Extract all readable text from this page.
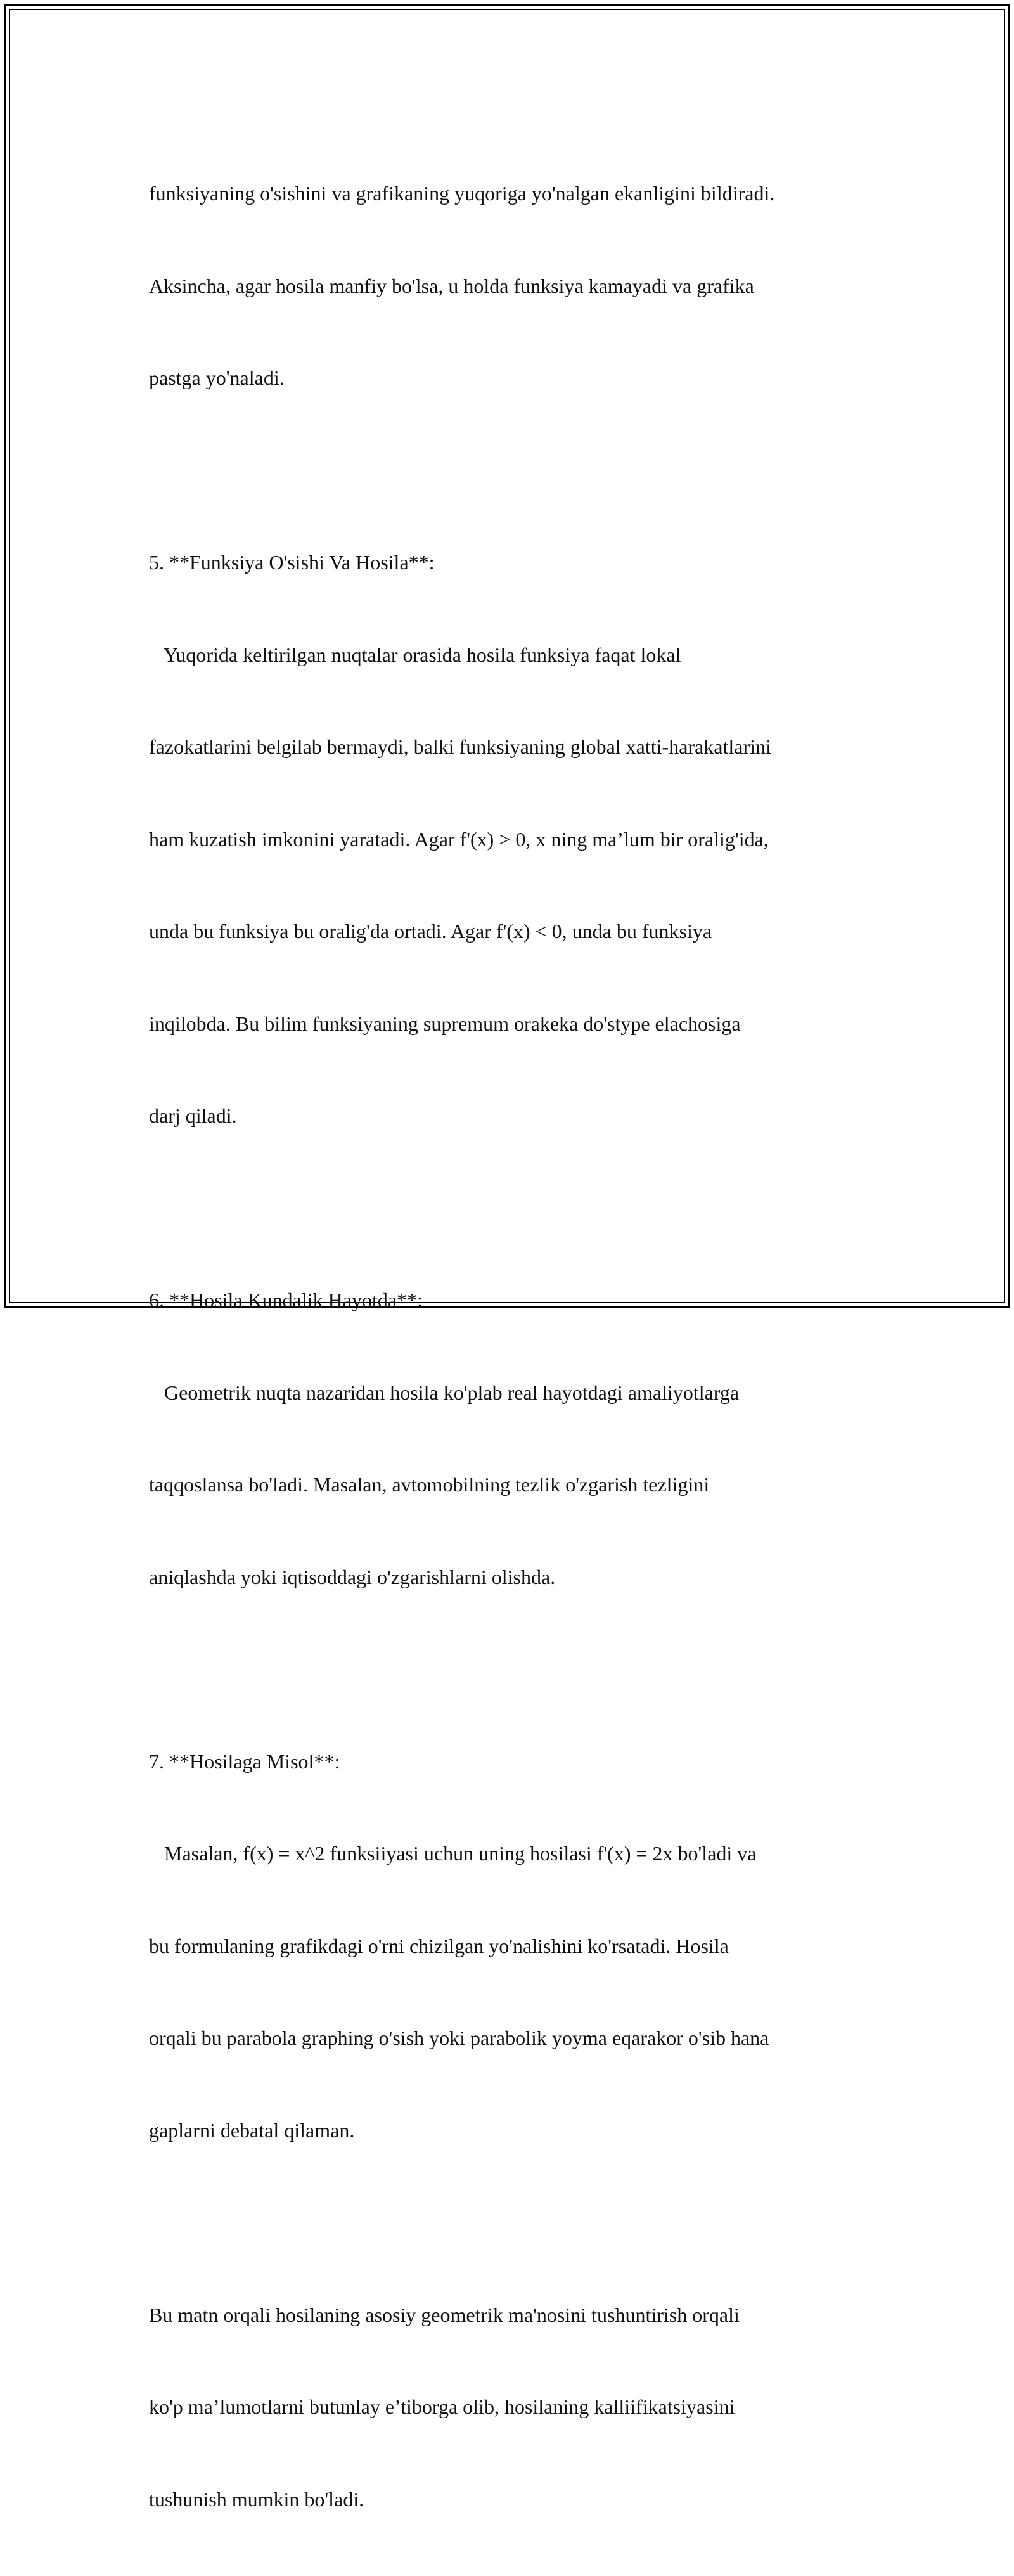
funksiyaning o'sіshini va grafikaning yuqoriga yo'nalgan ekanligini bildiradi.

Aksincha, agar hosila manfiy bo'lsa, u holda funksiya kamayadi va grafika

pastga yo'naladi.

5. **Funksiya O'sіshi Va Hosila**:

Yuqorida keltirilgan nuqtalar orasida hosila funksiya faqat lokal

fazokatlarini belgilab bermaydi, balki funksiyaning global xatti-harakatlarini

ham kuzatish imkonini yaratadi. Agar f'(x) > 0, x ning ma’lum bir oralig'ida,

unda bu funksiya bu oralig'da ortadi. Agar f'(x) < 0, unda bu funksiya

inqilobda. Bu bilim funksiyaning supremum orakeka do'stype elachosiga

darj qiladi.

6. **Hosila Kundalik Hayotda**:

Geometrik nuqta nazaridan hosila ko'plab real hayotdagi amaliyotlarga

taqqoslansa bo'ladi. Masalan, avtomobilning tezlik o'zgarish tezligini

aniqlashda yoki iqtisoddagi o'zgarishlarni olishda.

7. **Hosilaga Misol**:

Masalan, f(x) = x^2 funksiiyasi uchun uning hosilasi f'(x) = 2x bo'ladi va

bu formulaning grafikdagi o'rni chizilgan yo'nalishini ko'rsatadi. Hosila

orqali bu parabola graphing o'sish yoki parabolik yoyma eqarakor o'sib hana

gaplarni debatal qilaman.

Bu matn orqali hosilaning asosiy geometrik ma'nosini tushuntirish orqali

ko'p ma’lumotlarni butunlay e’tiborga olib, hosilaning kalliifikatsiyasini

tushunish mumkin bo'ladi.
